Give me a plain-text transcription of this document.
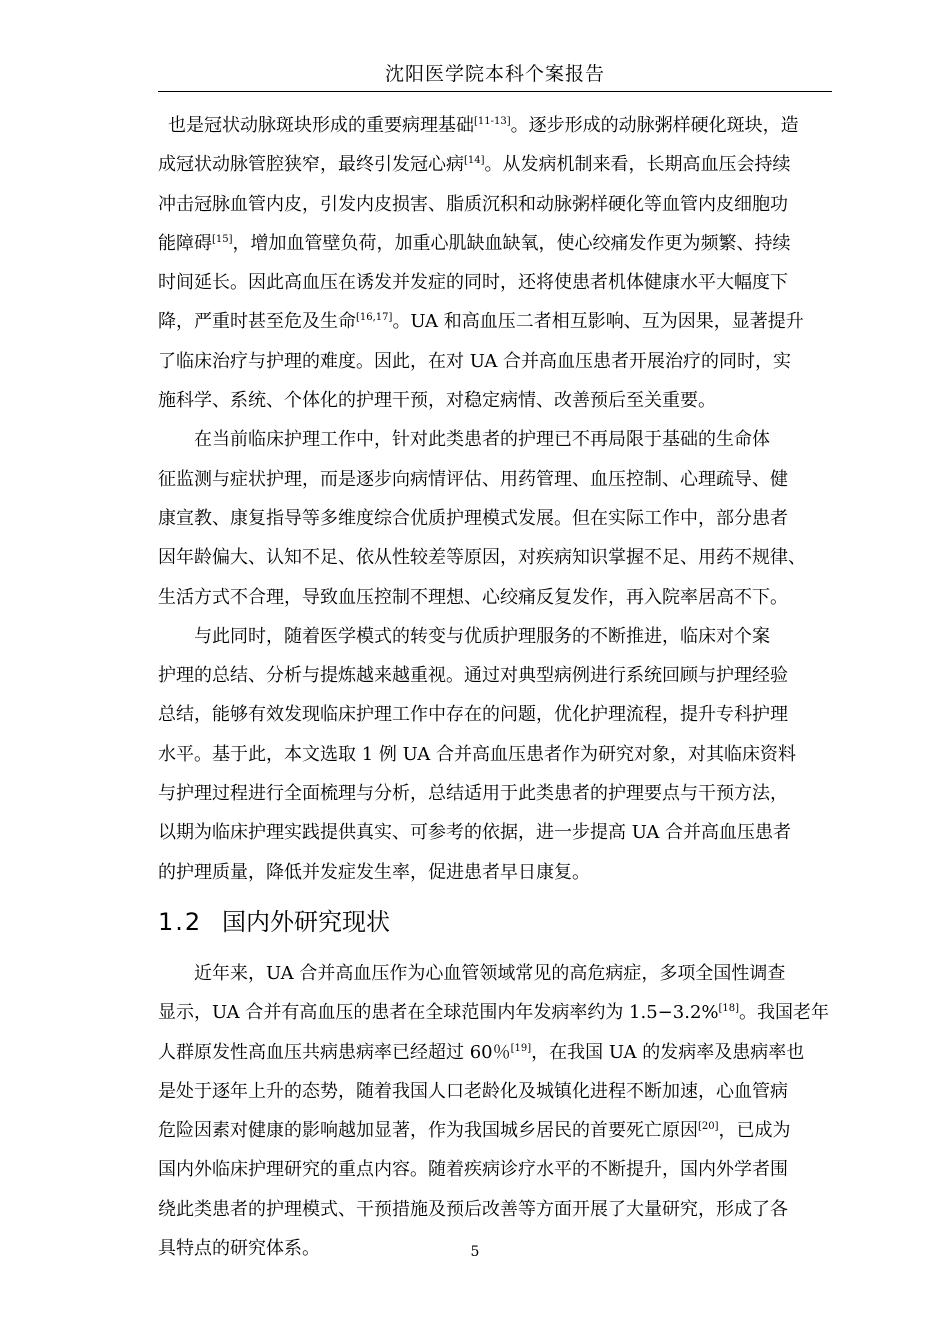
沈阳医学院本科个案报告

也是冠状动脉斑块形成的重要病理基础[11-13]。逐步形成的动脉粥样硬化斑块，造
成冠状动脉管腔狭窄，最终引发冠心病[14]。从发病机制来看，长期高血压会持续
冲击冠脉血管内皮，引发内皮损害、脂质沉积和动脉粥样硬化等血管内皮细胞功
能障碍[15]，增加血管壁负荷，加重心肌缺血缺氧，使心绞痛发作更为频繁、持续
时间延长。因此高血压在诱发并发症的同时，还将使患者机体健康水平大幅度下
降，严重时甚至危及生命[16,17]。UA 和高血压二者相互影响、互为因果，显著提升
了临床治疗与护理的难度。因此，在对 UA 合并高血压患者开展治疗的同时，实
施科学、系统、个体化的护理干预，对稳定病情、改善预后至关重要。

在当前临床护理工作中，针对此类患者的护理已不再局限于基础的生命体
征监测与症状护理，而是逐步向病情评估、用药管理、血压控制、心理疏导、健
康宣教、康复指导等多维度综合优质护理模式发展。但在实际工作中，部分患者
因年龄偏大、认知不足、依从性较差等原因，对疾病知识掌握不足、用药不规律、
生活方式不合理，导致血压控制不理想、心绞痛反复发作，再入院率居高不下。

与此同时，随着医学模式的转变与优质护理服务的不断推进，临床对个案
护理的总结、分析与提炼越来越重视。通过对典型病例进行系统回顾与护理经验
总结，能够有效发现临床护理工作中存在的问题，优化护理流程，提升专科护理
水平。基于此，本文选取 1 例 UA 合并高血压患者作为研究对象，对其临床资料
与护理过程进行全面梳理与分析，总结适用于此类患者的护理要点与干预方法，
以期为临床护理实践提供真实、可参考的依据，进一步提高 UA 合并高血压患者
的护理质量，降低并发症发生率，促进患者早日康复。

1.2 国内外研究现状

近年来，UA 合并高血压作为心血管领域常见的高危病症，多项全国性调查
显示，UA 合并有高血压的患者在全球范围内年发病率约为 1.5−3.2%[18]。我国老年
人群原发性高血压共病患病率已经超过 60％[19]，在我国 UA 的发病率及患病率也
是处于逐年上升的态势，随着我国人口老龄化及城镇化进程不断加速，心血管病
危险因素对健康的影响越加显著，作为我国城乡居民的首要死亡原因[20]，已成为
国内外临床护理研究的重点内容。随着疾病诊疗水平的不断提升，国内外学者围
绕此类患者的护理模式、干预措施及预后改善等方面开展了大量研究，形成了各
具特点的研究体系。	5
